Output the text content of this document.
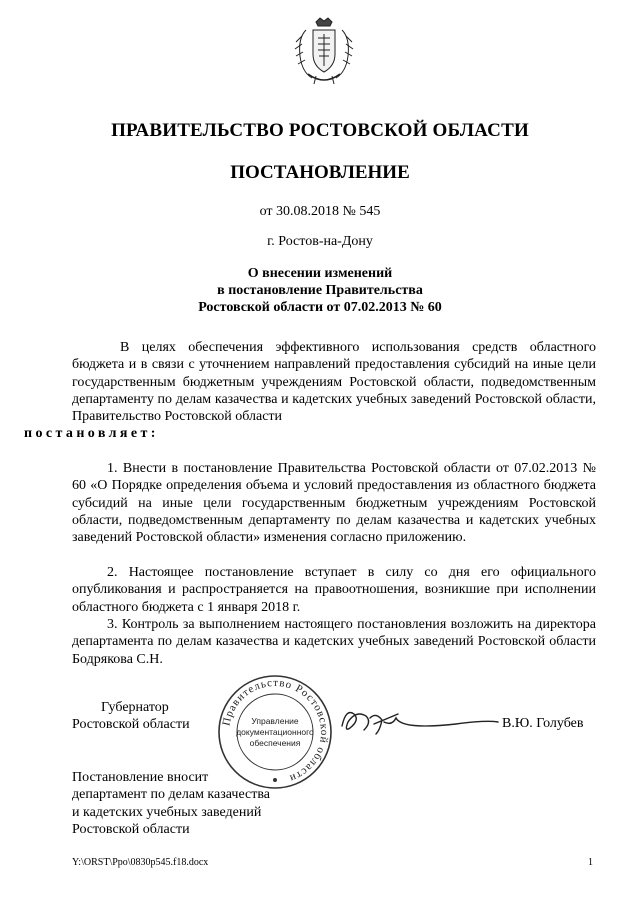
ПРАВИТЕЛЬСТВО РОСТОВСКОЙ ОБЛАСТИ
ПОСТАНОВЛЕНИЕ
от 30.08.2018 № 545
г. Ростов-на-Дону
О внесении изменений
в постановление Правительства
Ростовской области от 07.02.2013 № 60
В целях обеспечения эффективного использования средств областного бюджета и в связи с уточнением направлений предоставления субсидий на иные цели государственным бюджетным учреждениям Ростовской области, подведомственным департаменту по делам казачества и кадетских учебных заведений Ростовской области, Правительство Ростовской области
постановляет:
1. Внести в постановление Правительства Ростовской области от 07.02.2013 № 60 «О Порядке определения объема и условий предоставления из областного бюджета субсидий на иные цели государственным бюджетным учреждениям Ростовской области, подведомственным департаменту по делам казачества и кадетских учебных заведений Ростовской области» изменения согласно приложению.
2. Настоящее постановление вступает в силу со дня его официального опубликования и распространяется на правоотношения, возникшие при исполнении областного бюджета с 1 января 2018 г.
3. Контроль за выполнением настоящего постановления возложить на директора департамента по делам казачества и кадетских учебных заведений Ростовской области Бодрякова С.Н.
Губернатор
Ростовской области	Правительство Ростовской области
Управление
документационного
обеспечения
В.Ю. Голубев
Постановление вносит
департамент по делам казачества
и кадетских учебных заведений
Ростовской области
Y:\ORST\Ppo\0830p545.f18.docx	1
